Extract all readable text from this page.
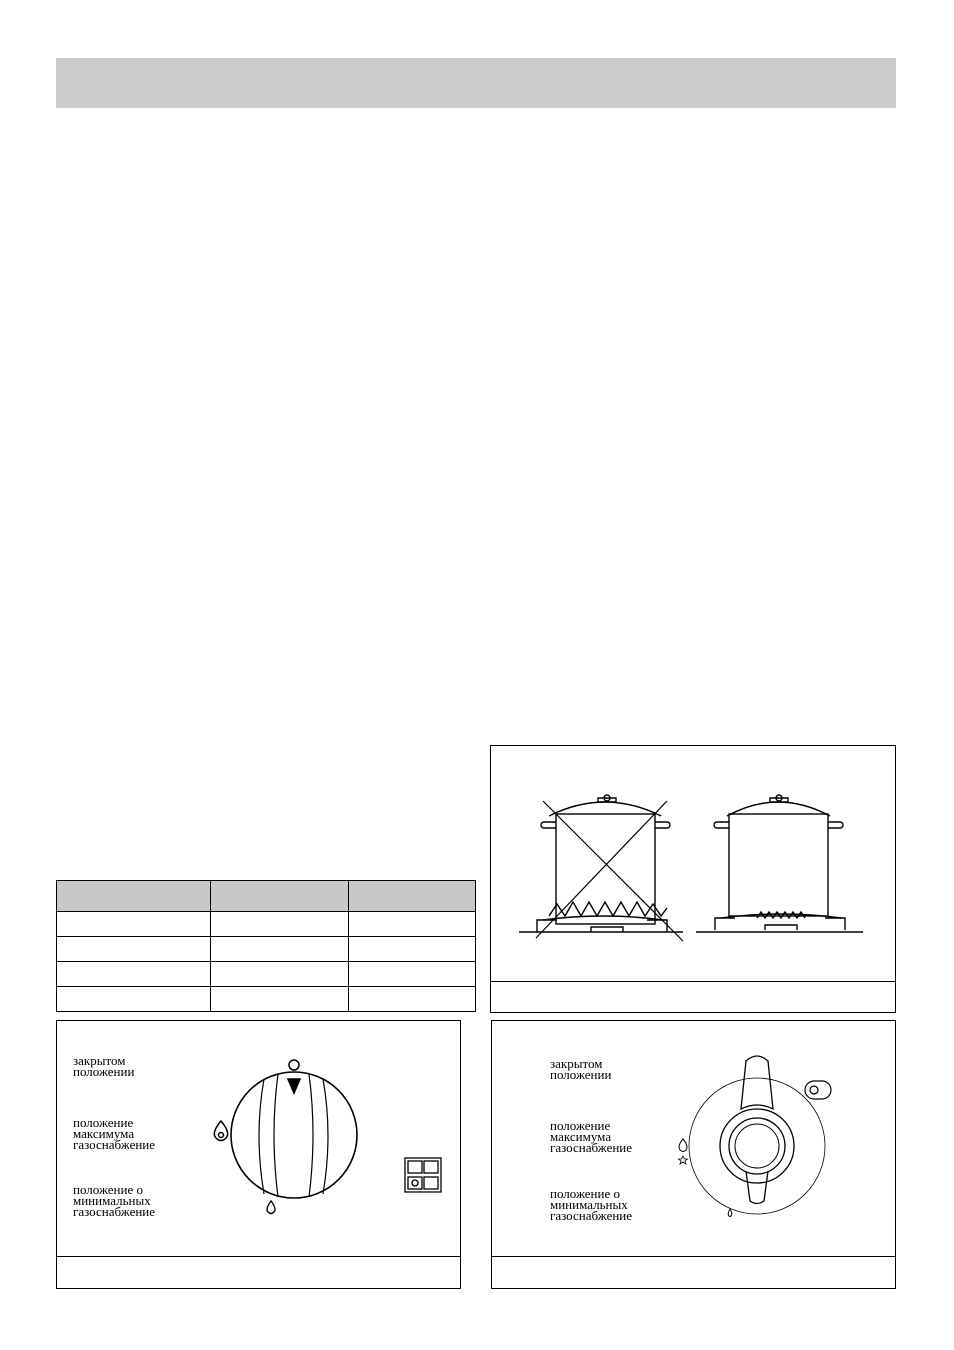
закрытом
положении
положение
максимума
газоснабжение
положение о
минимальных
газоснабжение
закрытом
положении
положение
максимума
газоснабжение
положение о
минимальных
газоснабжение
